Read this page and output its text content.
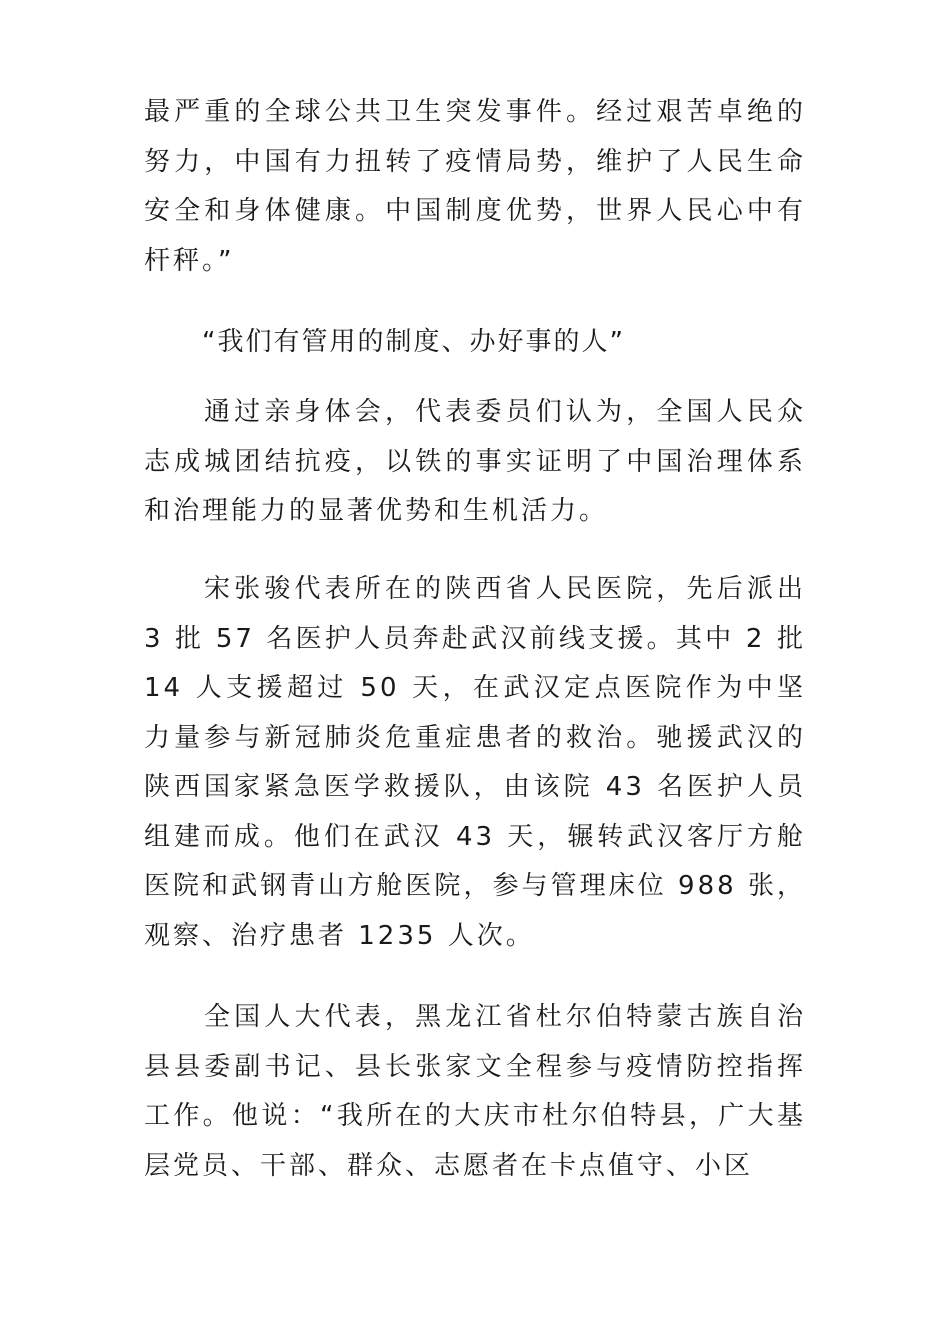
最严重的全球公共卫生突发事件。经过艰苦卓绝的努力，中国有力扭转了疫情局势，维护了人民生命安全和身体健康。中国制度优势，世界人民心中有杆秤。”

“我们有管用的制度、办好事的人”

通过亲身体会，代表委员们认为，全国人民众志成城团结抗疫，以铁的事实证明了中国治理体系和治理能力的显著优势和生机活力。

宋张骏代表所在的陕西省人民医院，先后派出 3 批 57 名医护人员奔赴武汉前线支援。其中 2 批 14 人支援超过 50 天，在武汉定点医院作为中坚力量参与新冠肺炎危重症患者的救治。驰援武汉的陕西国家紧急医学救援队，由该院 43 名医护人员组建而成。他们在武汉 43 天，辗转武汉客厅方舱医院和武钢青山方舱医院，参与管理床位 988 张，观察、治疗患者 1235 人次。

全国人大代表，黑龙江省杜尔伯特蒙古族自治县县委副书记、县长张家文全程参与疫情防控指挥工作。他说：“我所在的大庆市杜尔伯特县，广大基层党员、干部、群众、志愿者在卡点值守、小区
